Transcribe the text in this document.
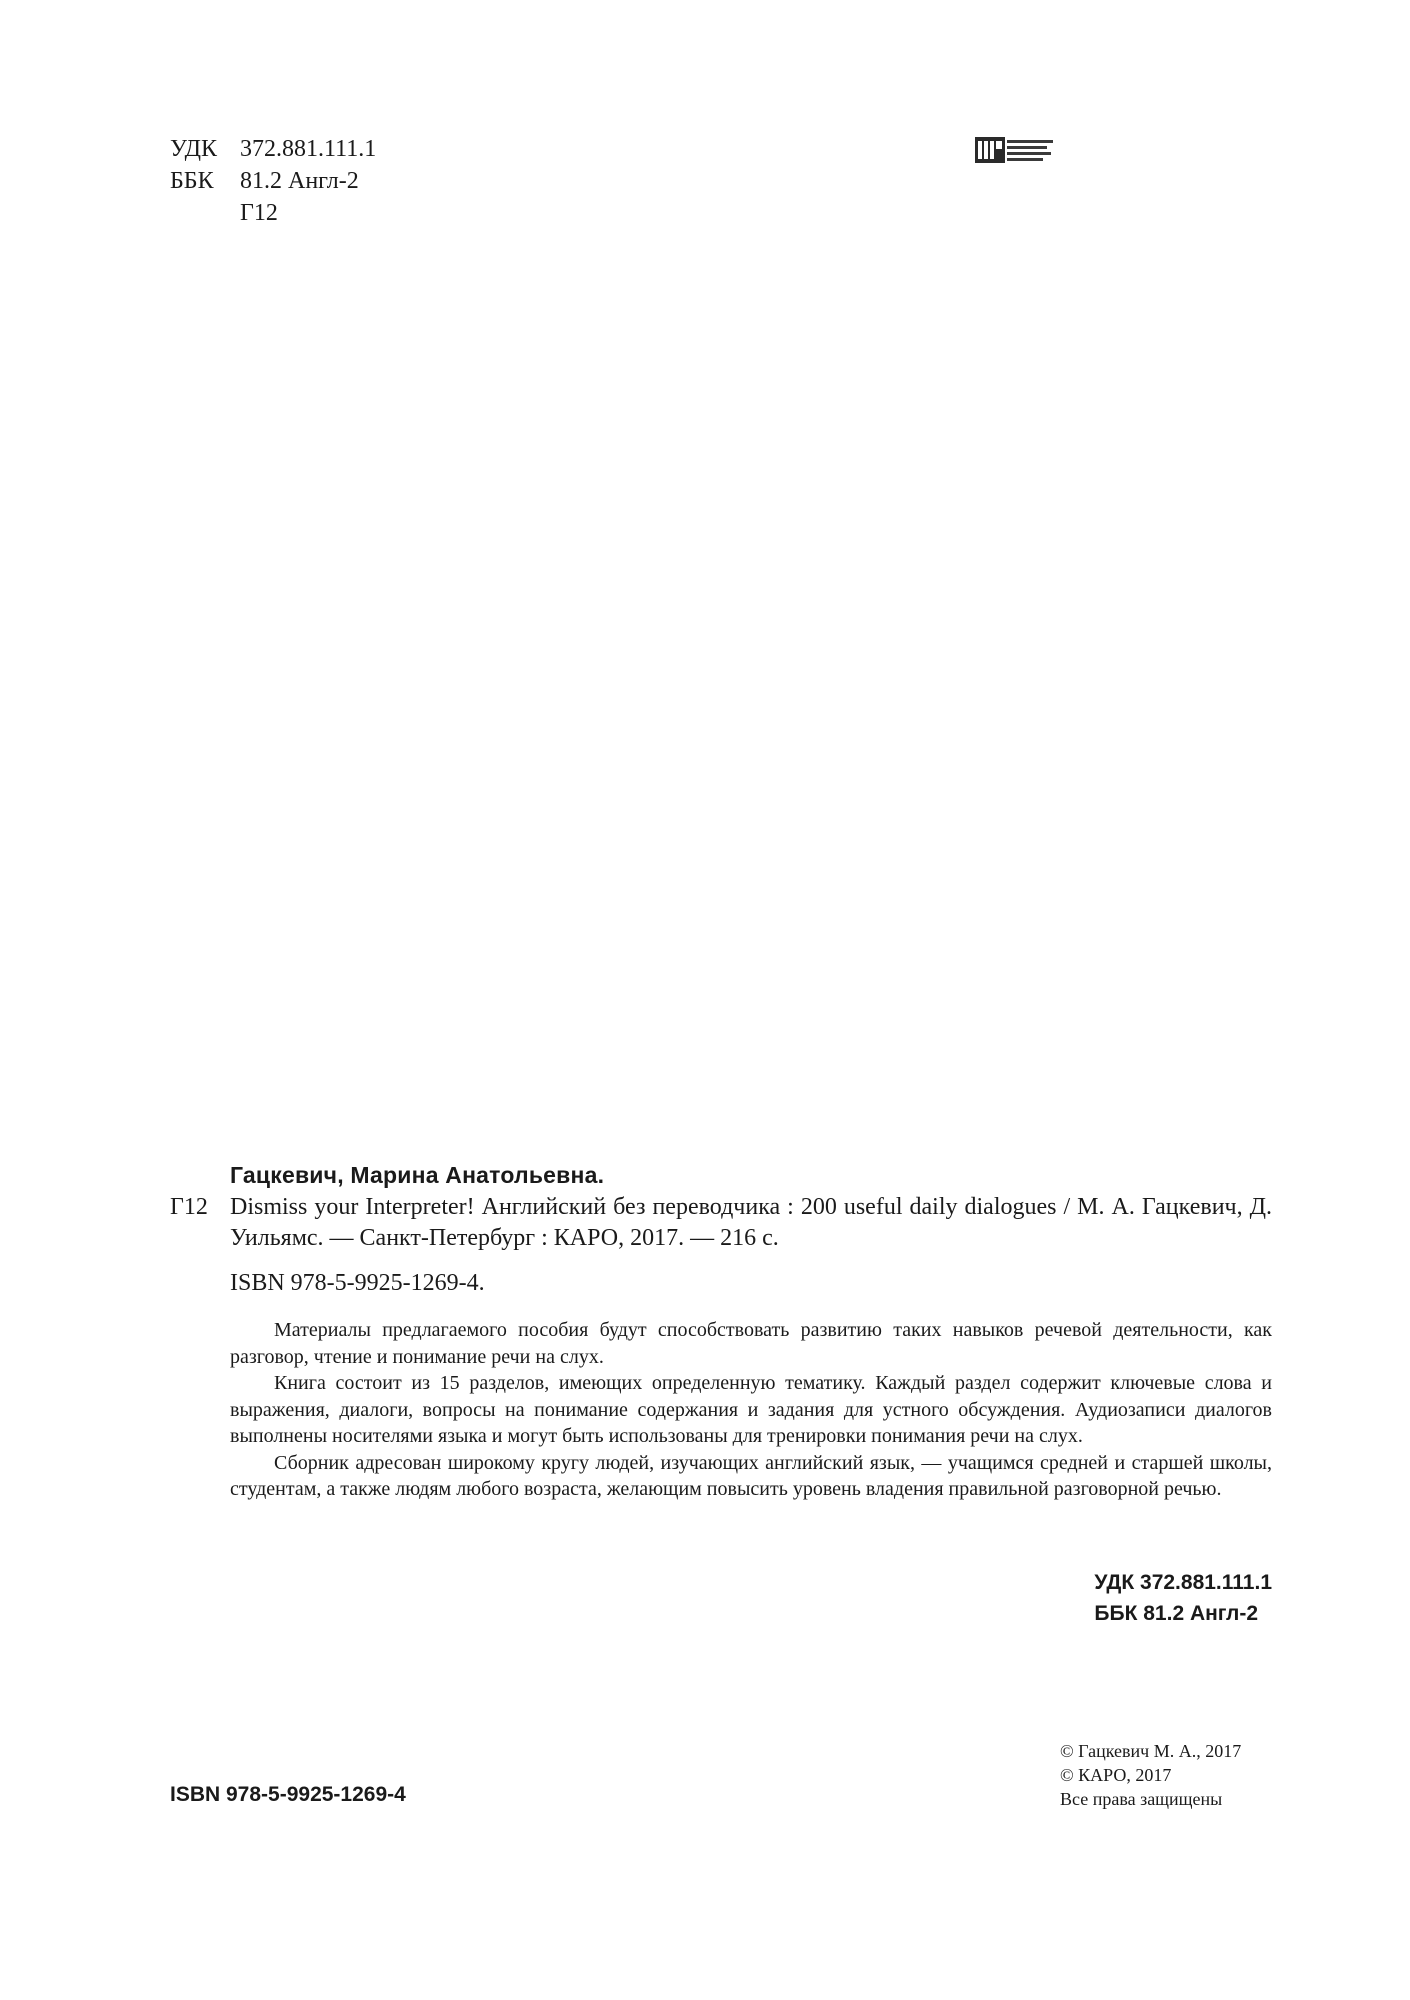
УДК 372.881.111.1
ББК	81.2 Англ-2
Г12
Гацкевич, Марина Анатольевна.
Г12 Dismiss your Interpreter! Английский без переводчика : 200 useful daily dialogues / М. А. Гацкевич, Д. Уильямс. — Санкт-Петербург : КАРО, 2017. — 216 с.
ISBN 978-5-9925-1269-4.

Материалы предлагаемого пособия будут способствовать развитию таких навыков речевой деятельности, как разговор, чтение и понимание речи на слух.

Книга состоит из 15 разделов, имеющих определенную тематику. Каждый раздел содержит ключевые слова и выражения, диалоги, вопросы на понимание содержания и задания для устного обсуждения. Аудиозаписи диалогов выполнены носителями языка и могут быть использованы для тренировки понимания речи на слух.

Сборник адресован широкому кругу людей, изучающих английский язык, — учащимся средней и старшей школы, студентам, а также людям любого возраста, желающим повысить уровень владения правильной разговорной речью.

УДК 372.881.111.1
ББК 81.2 Англ-2
ISBN 978-5-9925-1269-4
© Гацкевич М. А., 2017
© КАРО, 2017
Все права защищены
